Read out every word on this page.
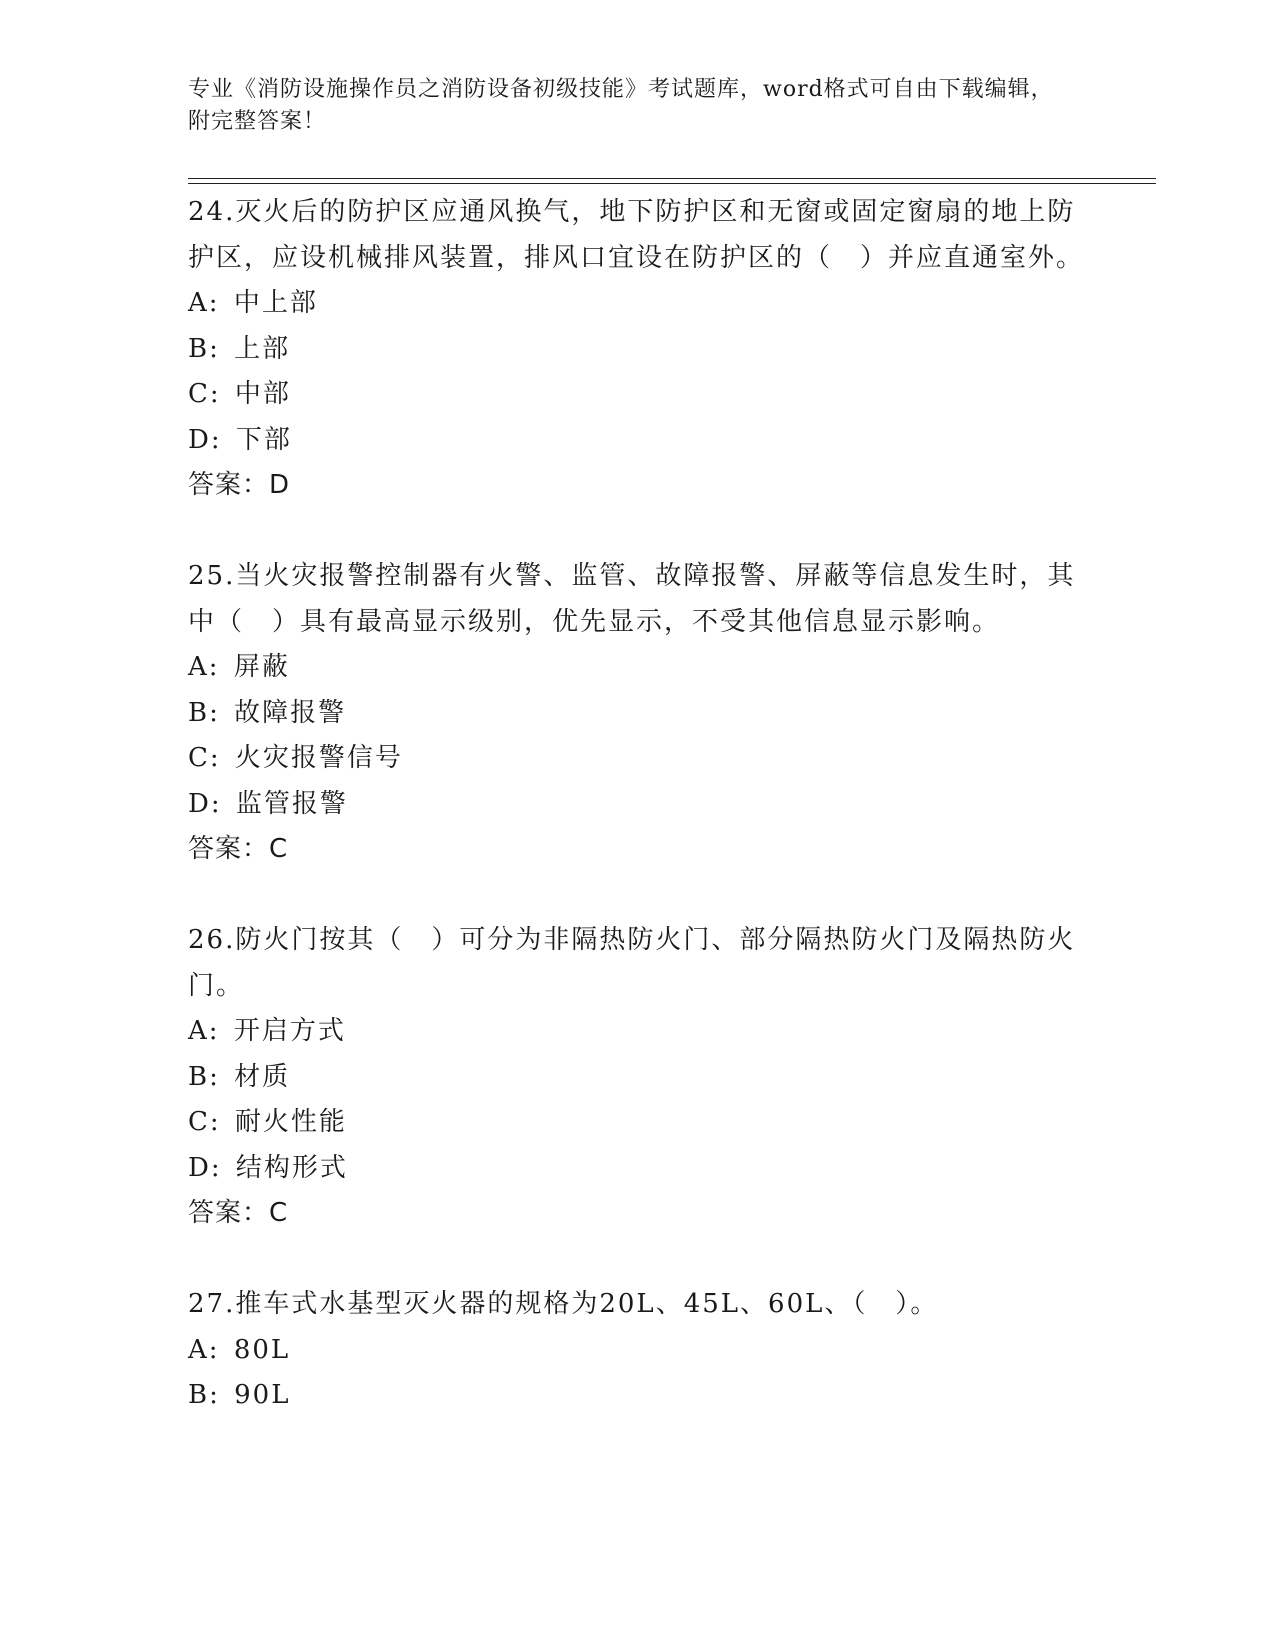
专业《消防设施操作员之消防设备初级技能》考试题库，word格式可自由下载编辑，附完整答案！

24.灭火后的防护区应通风换气，地下防护区和无窗或固定窗扇的地上防护区，应设机械排风装置，排风口宜设在防护区的（　）并应直通室外。

A: 中上部

B: 上部

C: 中部

D: 下部

答案：D

25.当火灾报警控制器有火警、监管、故障报警、屏蔽等信息发生时，其中（　）具有最高显示级别，优先显示，不受其他信息显示影响。

A: 屏蔽

B: 故障报警

C: 火灾报警信号

D: 监管报警

答案：C

26.防火门按其（　）可分为非隔热防火门、部分隔热防火门及隔热防火门。

A: 开启方式

B: 材质

C: 耐火性能

D: 结构形式

答案：C

27.推车式水基型灭火器的规格为20L、45L、60L、（　）。

A: 80L

B: 90L
